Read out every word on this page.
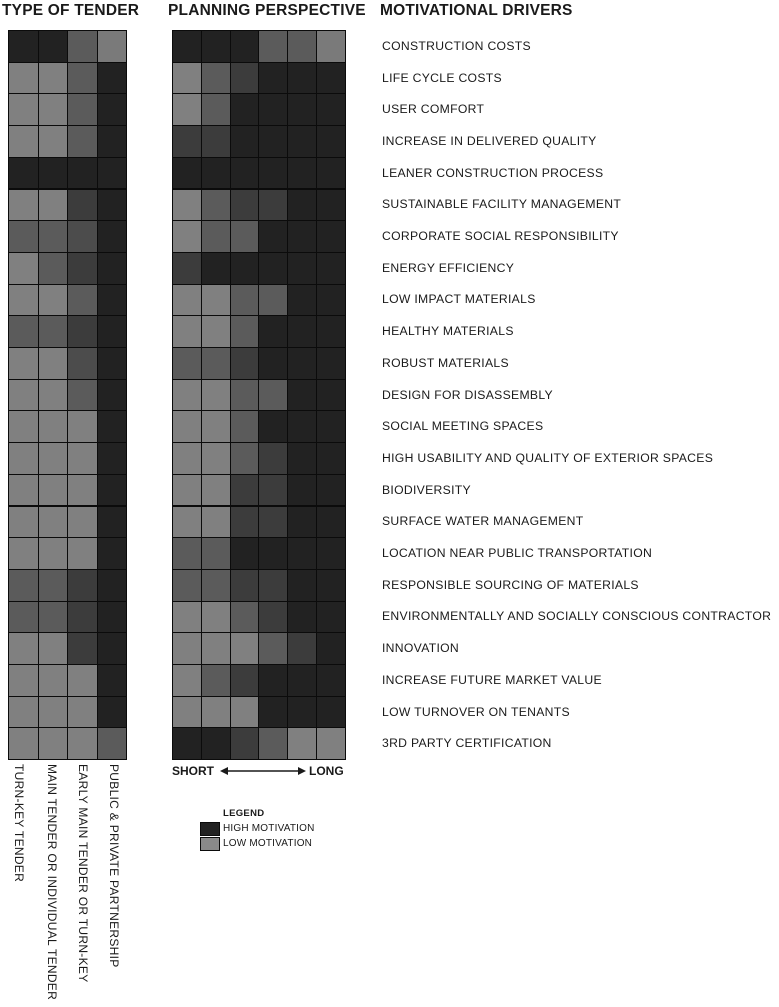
TYPE OF TENDER PLANNING PERSPECTIVE MOTIVATIONAL DRIVERS
CONSTRUCTION COSTS
LIFE CYCLE COSTS
USER COMFORT
INCREASE IN DELIVERED QUALITY
LEANER CONSTRUCTION PROCESS
SUSTAINABLE FACILITY MANAGEMENT
CORPORATE SOCIAL RESPONSIBILITY
ENERGY EFFICIENCY
LOW IMPACT MATERIALS
HEALTHY MATERIALS
ROBUST MATERIALS
DESIGN FOR DISASSEMBLY
SOCIAL MEETING SPACES
HIGH USABILITY AND QUALITY OF EXTERIOR SPACES
BIODIVERSITY
SURFACE WATER MANAGEMENT
LOCATION NEAR PUBLIC TRANSPORTATION
RESPONSIBLE SOURCING OF MATERIALS
ENVIRONMENTALLY AND SOCIALLY CONSCIOUS CONTRACTOR
INNOVATION
INCREASE FUTURE MARKET VALUE
LOW TURNOVER ON TENANTS
3RD PARTY CERTIFICATION
TURN-KEY TENDER MAIN TENDER OR INDIVIDUAL TENDER EARLY MAIN TENDER OR TURN-KEY PUBLIC & PRIVATE PARTNERSHIP	SHORT	LONG
LEGEND
HIGH MOTIVATION
LOW MOTIVATION
